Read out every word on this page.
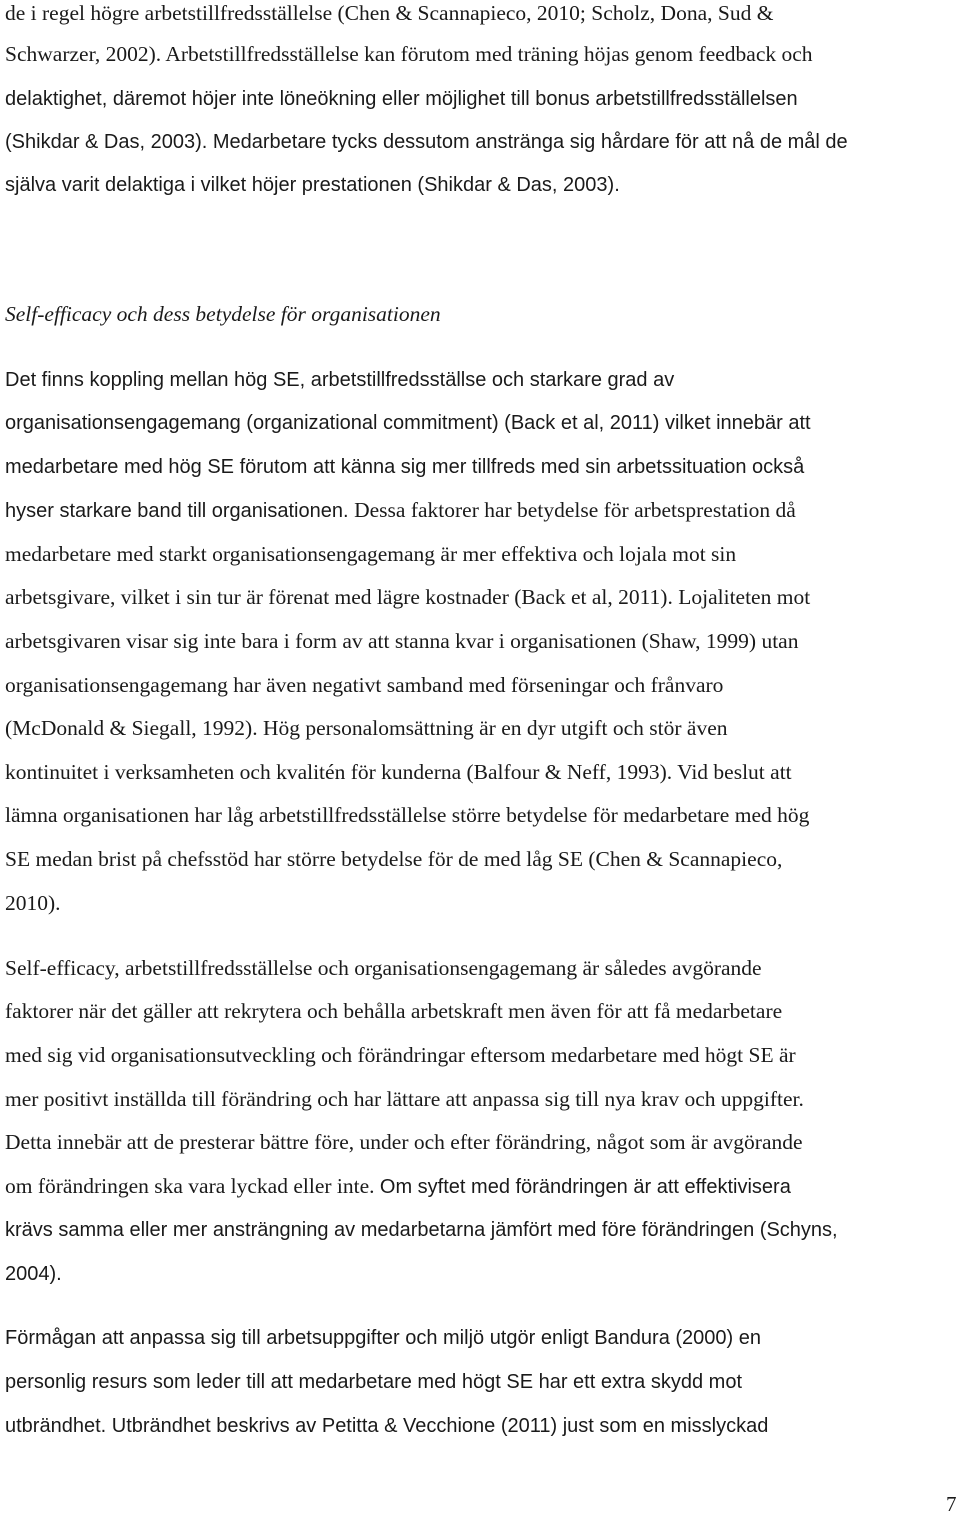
de i regel högre arbetstillfredsställelse (Chen & Scannapieco, 2010; Scholz, Dona, Sud &
Schwarzer, 2002). Arbetstillfredsställelse kan förutom med träning höjas genom feedback och
delaktighet, däremot höjer inte löneökning eller möjlighet till bonus arbetstillfredsställelsen
(Shikdar & Das, 2003). Medarbetare tycks dessutom anstränga sig hårdare för att nå de mål de
själva varit delaktiga i vilket höjer prestationen (Shikdar & Das, 2003).
Self-efficacy och dess betydelse för organisationen
Det finns koppling mellan hög SE, arbetstillfredsställse och starkare grad av
organisationsengagemang (organizational commitment) (Back et al, 2011) vilket innebär att
medarbetare med hög SE förutom att känna sig mer tillfreds med sin arbetssituation också
hyser starkare band till organisationen. Dessa faktorer har betydelse för arbetsprestation då
medarbetare med starkt organisationsengagemang är mer effektiva och lojala mot sin
arbetsgivare, vilket i sin tur är förenat med lägre kostnader (Back et al, 2011). Lojaliteten mot
arbetsgivaren visar sig inte bara i form av att stanna kvar i organisationen (Shaw, 1999) utan
organisationsengagemang har även negativt samband med förseningar och frånvaro
(McDonald & Siegall, 1992). Hög personalomsättning är en dyr utgift och stör även
kontinuitet i verksamheten och kvalitén för kunderna (Balfour & Neff, 1993). Vid beslut att
lämna organisationen har låg arbetstillfredsställelse större betydelse för medarbetare med hög
SE medan brist på chefsstöd har större betydelse för de med låg SE (Chen & Scannapieco,
2010).
Self-efficacy, arbetstillfredsställelse och organisationsengagemang är således avgörande
faktorer när det gäller att rekrytera och behålla arbetskraft men även för att få medarbetare
med sig vid organisationsutveckling och förändringar eftersom medarbetare med högt SE är
mer positivt inställda till förändring och har lättare att anpassa sig till nya krav och uppgifter.
Detta innebär att de presterar bättre före, under och efter förändring, något som är avgörande
om förändringen ska vara lyckad eller inte. Om syftet med förändringen är att effektivisera
krävs samma eller mer ansträngning av medarbetarna jämfört med före förändringen (Schyns,
2004).
Förmågan att anpassa sig till arbetsuppgifter och miljö utgör enligt Bandura (2000) en
personlig resurs som leder till att medarbetare med högt SE har ett extra skydd mot
utbrändhet. Utbrändhet beskrivs av Petitta & Vecchione (2011) just som en misslyckad
7
